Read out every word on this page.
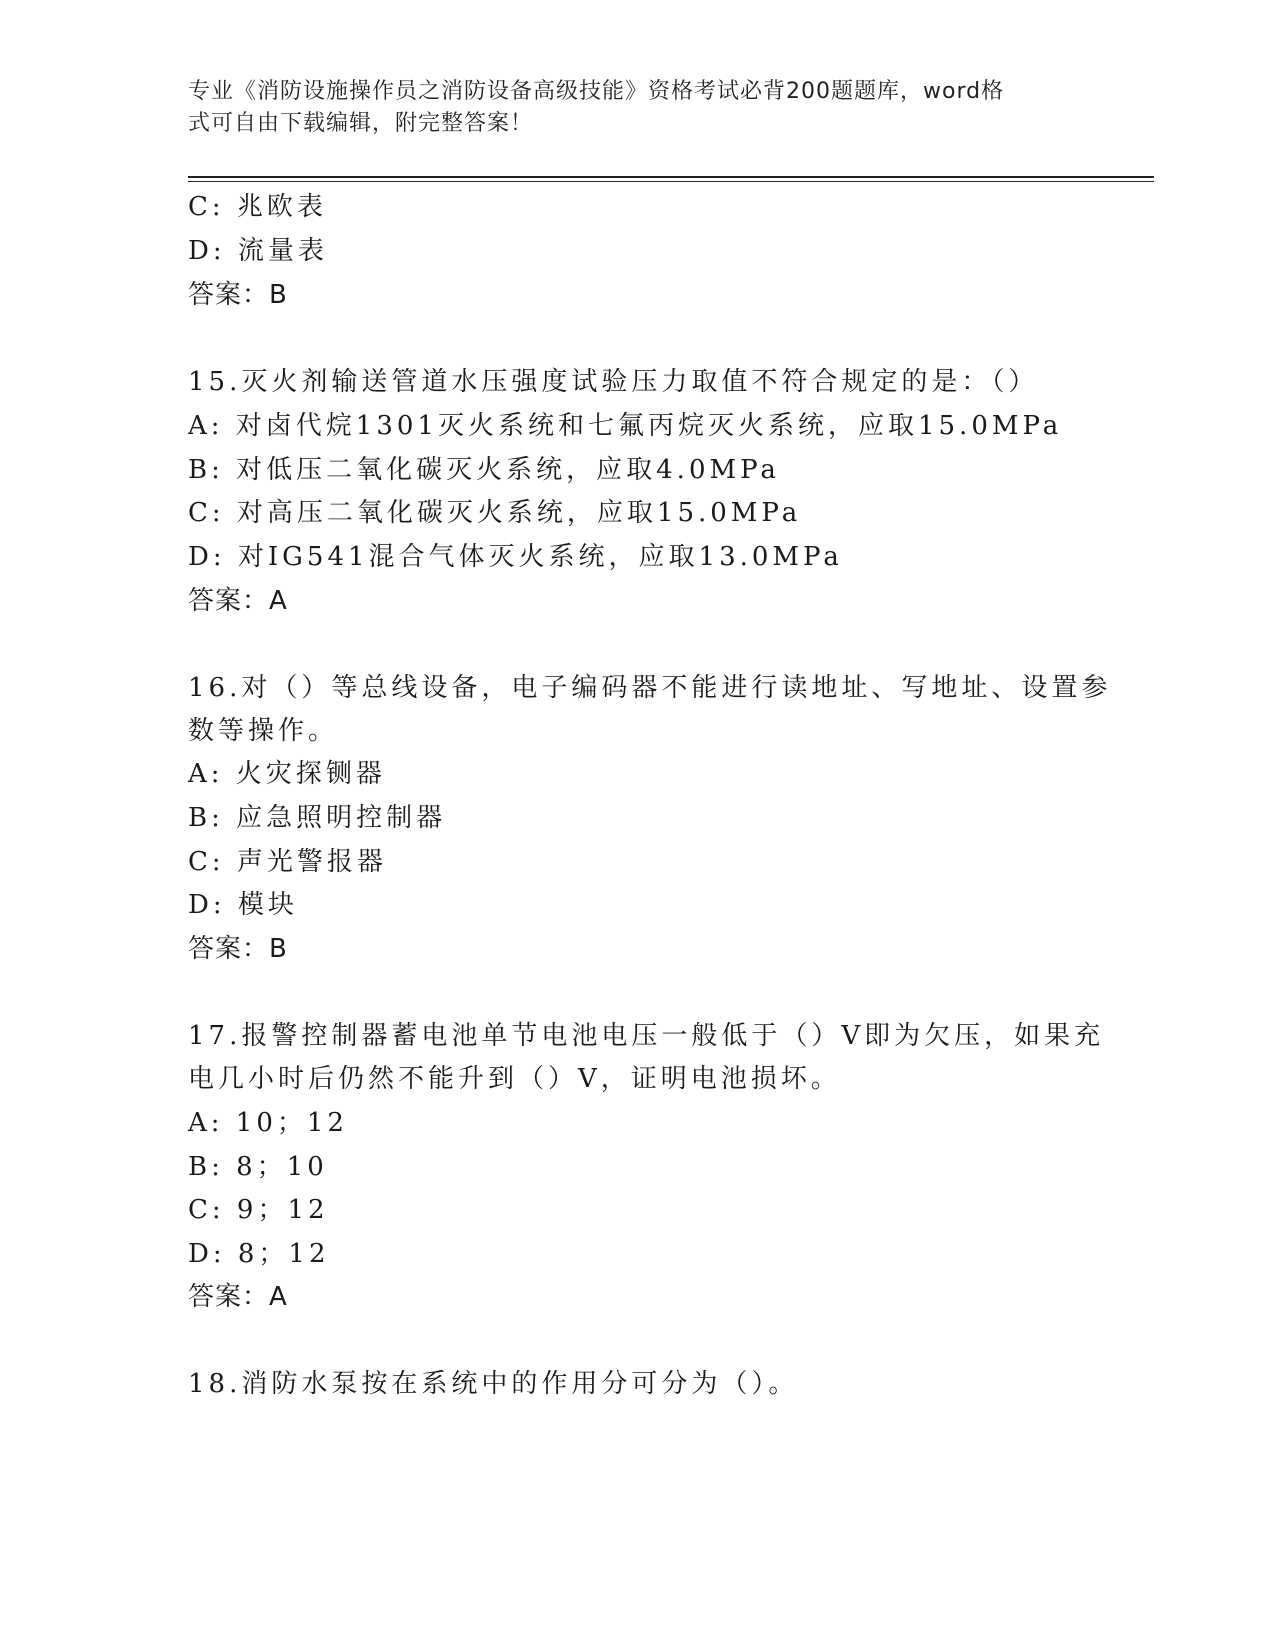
专业《消防设施操作员之消防设备高级技能》资格考试必背200题题库，word格
式可自由下载编辑，附完整答案！
C: 兆欧表
D: 流量表
答案：B
15.灭火剂输送管道水压强度试验压力取值不符合规定的是：（）
A: 对卤代烷1301灭火系统和七氟丙烷灭火系统，应取15.0MPa
B: 对低压二氧化碳灭火系统，应取4.0MPa
C: 对高压二氧化碳灭火系统，应取15.0MPa
D: 对IG541混合气体灭火系统，应取13.0MPa
答案：A
16.对（）等总线设备，电子编码器不能进行读地址、写地址、设置参
数等操作。
A: 火灾探铡器
B: 应急照明控制器
C: 声光警报器
D: 模块
答案：B
17.报警控制器蓄电池单节电池电压一般低于（）V即为欠压，如果充
电几小时后仍然不能升到（）V，证明电池损坏。
A: 10；12
B: 8；10
C: 9；12
D: 8；12
答案：A
18.消防水泵按在系统中的作用分可分为（）。
